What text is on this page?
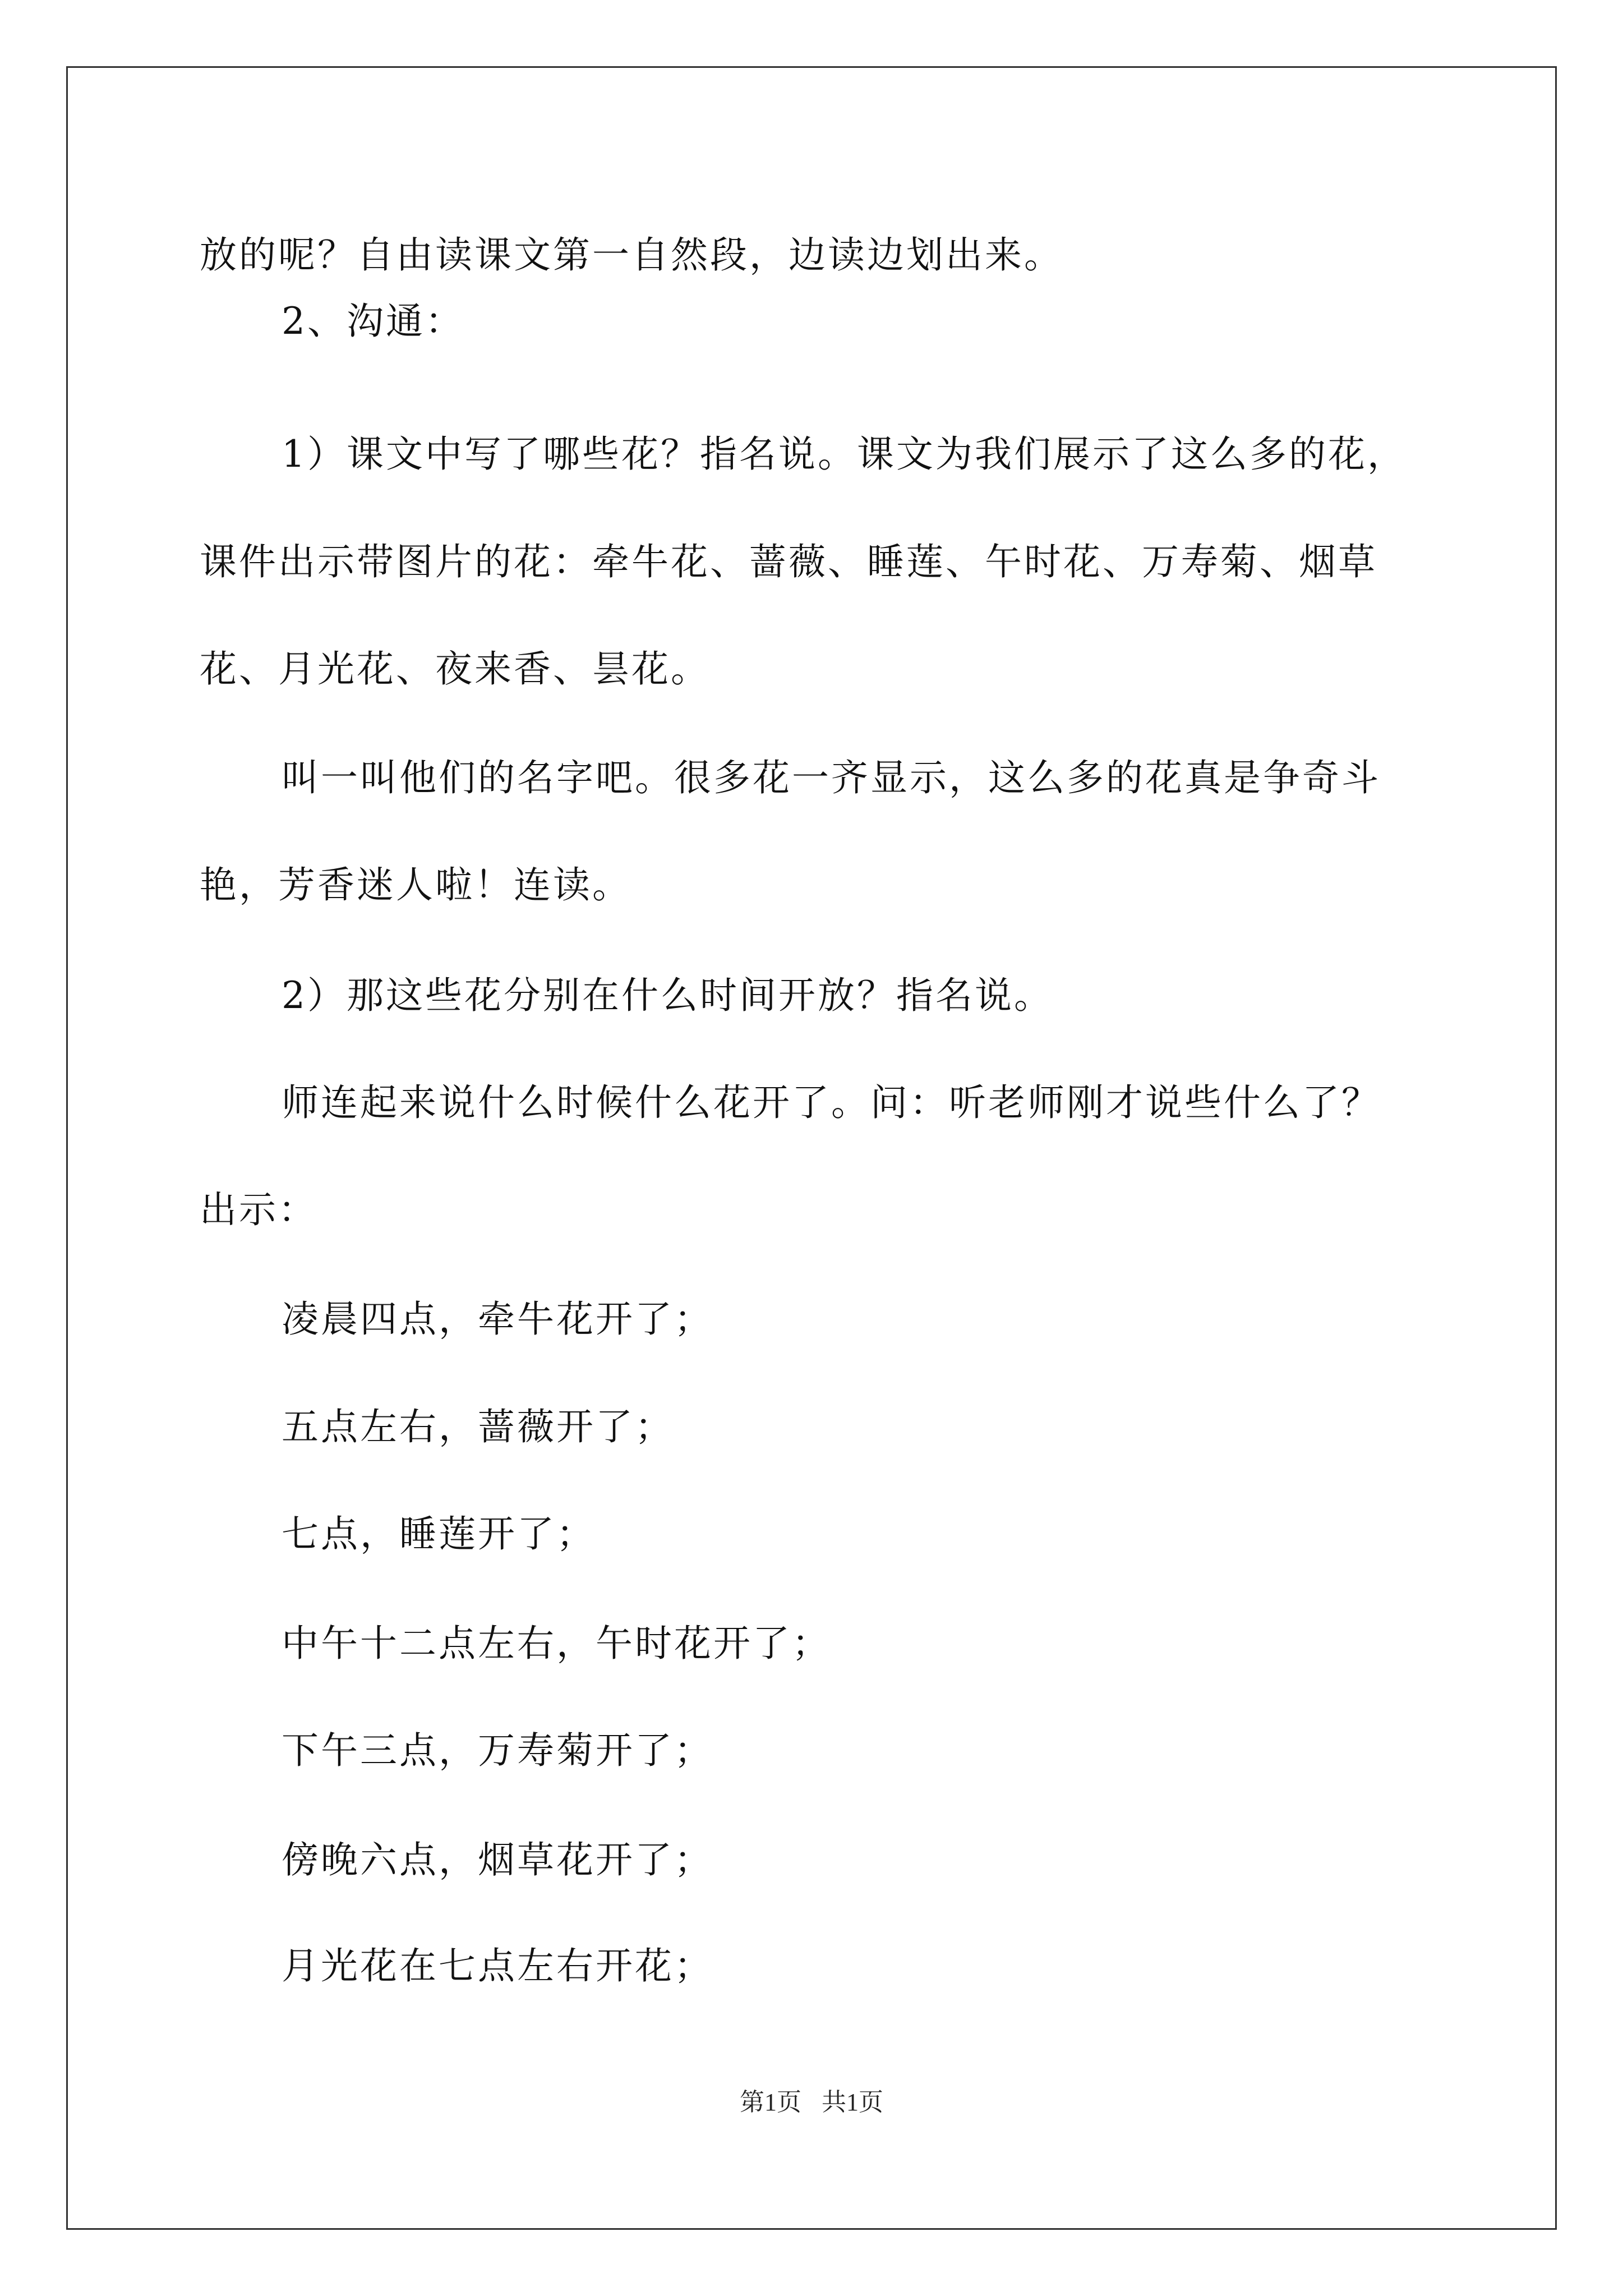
放的呢？自由读课文第一自然段，边读边划出来。
2、沟通：
1）课文中写了哪些花？指名说。课文为我们展示了这么多的花，
课件出示带图片的花：牵牛花、蔷薇、睡莲、午时花、万寿菊、烟草
花、月光花、夜来香、昙花。
叫一叫他们的名字吧。很多花一齐显示，这么多的花真是争奇斗
艳，芳香迷人啦！连读。
2）那这些花分别在什么时间开放？指名说。
师连起来说什么时候什么花开了。问：听老师刚才说些什么了？
出示：
凌晨四点，牵牛花开了；
五点左右，蔷薇开了；
七点，睡莲开了；
中午十二点左右，午时花开了；
下午三点，万寿菊开了；
傍晚六点，烟草花开了；
月光花在七点左右开花；
第1页 共1页
